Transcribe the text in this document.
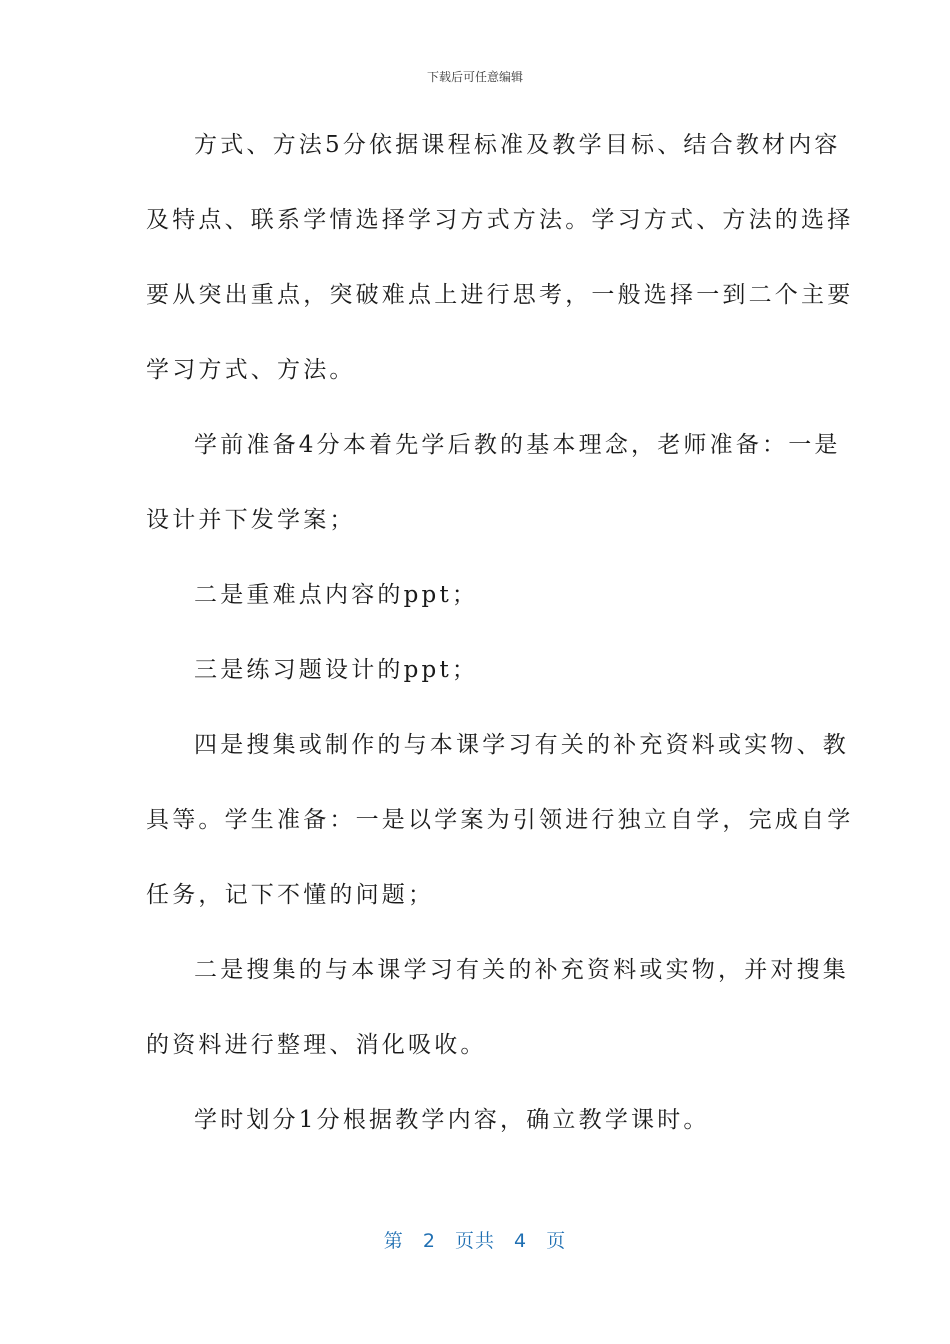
下载后可任意编辑
方式、方法5分依据课程标准及教学目标、结合教材内容
及特点、联系学情选择学习方式方法。学习方式、方法的选择
要从突出重点，突破难点上进行思考，一般选择一到二个主要
学习方式、方法。
学前准备4分本着先学后教的基本理念，老师准备：一是
设计并下发学案；
二是重难点内容的ppt；
三是练习题设计的ppt；
四是搜集或制作的与本课学习有关的补充资料或实物、教
具等。学生准备：一是以学案为引领进行独立自学，完成自学
任务，记下不懂的问题；
二是搜集的与本课学习有关的补充资料或实物，并对搜集
的资料进行整理、消化吸收。
学时划分1分根据教学内容，确立教学课时。
第 2 页共 4 页
